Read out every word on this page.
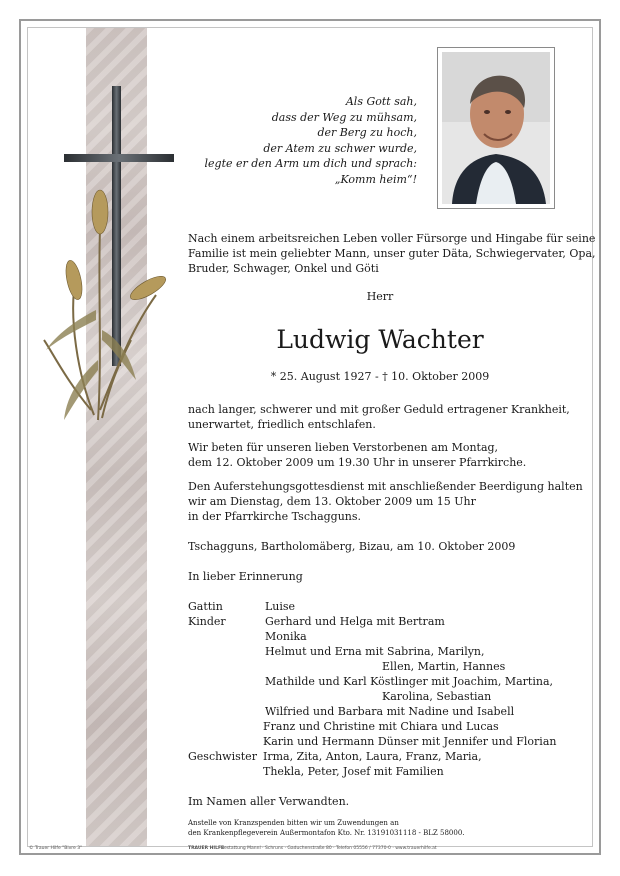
Als Gott sah,
dass der Weg zu mühsam,
der Berg zu hoch,
der Atem zu schwer wurde,
legte er den Arm um dich und sprach:
„Komm heim“!
Nach einem arbeitsreichen Leben voller Fürsorge und Hingabe für seine
Familie ist mein geliebter Mann, unser guter Däta, Schwiegervater, Opa,
Bruder, Schwager, Onkel und Göti
Herr
Ludwig Wachter
* 25. August 1927 - † 10. Oktober 2009
nach langer, schwerer und mit großer Geduld ertragener Krankheit,
unerwartet, friedlich entschlafen.
Wir beten für unseren lieben Verstorbenen am Montag,
dem 12. Oktober 2009 um 19.30 Uhr in unserer Pfarrkirche.
Den Auferstehungsgottesdienst mit anschließender Beerdigung halten
wir am Dienstag, dem 13. Oktober 2009 um 15 Uhr
in der Pfarrkirche Tschagguns.
Tschagguns, Bartholomäberg, Bizau, am 10. Oktober 2009
In lieber Erinnerung
Gattin	Luise
Kinder	Gerhard und Helga mit Bertram
Monika
Helmut und Erna mit Sabrina, Marilyn,
Ellen, Martin, Hannes
Mathilde und Karl Köstlinger mit Joachim, Martina,
Karolina, Sebastian
Wilfried und Barbara mit Nadine und Isabell
Franz und Christine mit Chiara und Lucas
Karin und Hermann Dünser mit Jennifer und Florian
Geschwister Irma, Zita, Anton, Laura, Franz, Maria,
Thekla, Peter, Josef mit Familien
Im Namen aller Verwandten.
Anstelle von Kranzspenden bitten wir um Zuwendungen an
den Krankenpflegeverein Außermontafon Kto. Nr. 13191031118 - BLZ 58000.
© Trauer Hilfe "Bivre 3"	TRAUER HILFE
· Bestattung Mannl · Schruns · Gaduchenstraße 80 · Telefon 05556 / 77370-0 · www.trauerhilfe.at
